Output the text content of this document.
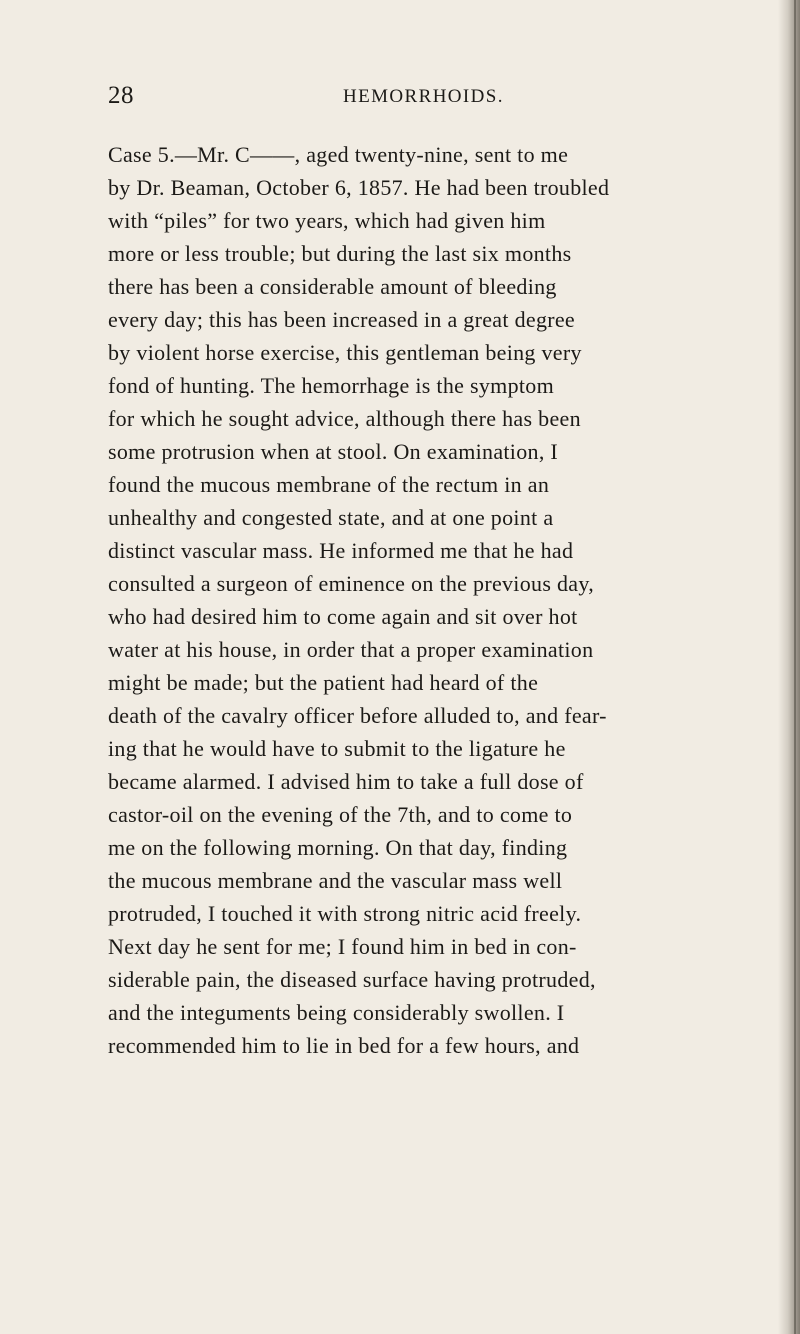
28	HEMORRHOIDS.
Case 5.—Mr. C——, aged twenty-nine, sent to me
by Dr. Beaman, October 6, 1857. He had been troubled
with “piles” for two years, which had given him
more or less trouble; but during the last six months
there has been a considerable amount of bleeding
every day; this has been increased in a great degree
by violent horse exercise, this gentleman being very
fond of hunting. The hemorrhage is the symptom
for which he sought advice, although there has been
some protrusion when at stool. On examination, I
found the mucous membrane of the rectum in an
unhealthy and congested state, and at one point a
distinct vascular mass. He informed me that he had
consulted a surgeon of eminence on the previous day,
who had desired him to come again and sit over hot
water at his house, in order that a proper examination
might be made; but the patient had heard of the
death of the cavalry officer before alluded to, and fear-
ing that he would have to submit to the ligature he
became alarmed. I advised him to take a full dose of
castor-oil on the evening of the 7th, and to come to
me on the following morning. On that day, finding
the mucous membrane and the vascular mass well
protruded, I touched it with strong nitric acid freely.
Next day he sent for me; I found him in bed in con-
siderable pain, the diseased surface having protruded,
and the integuments being considerably swollen. I
recommended him to lie in bed for a few hours, and
